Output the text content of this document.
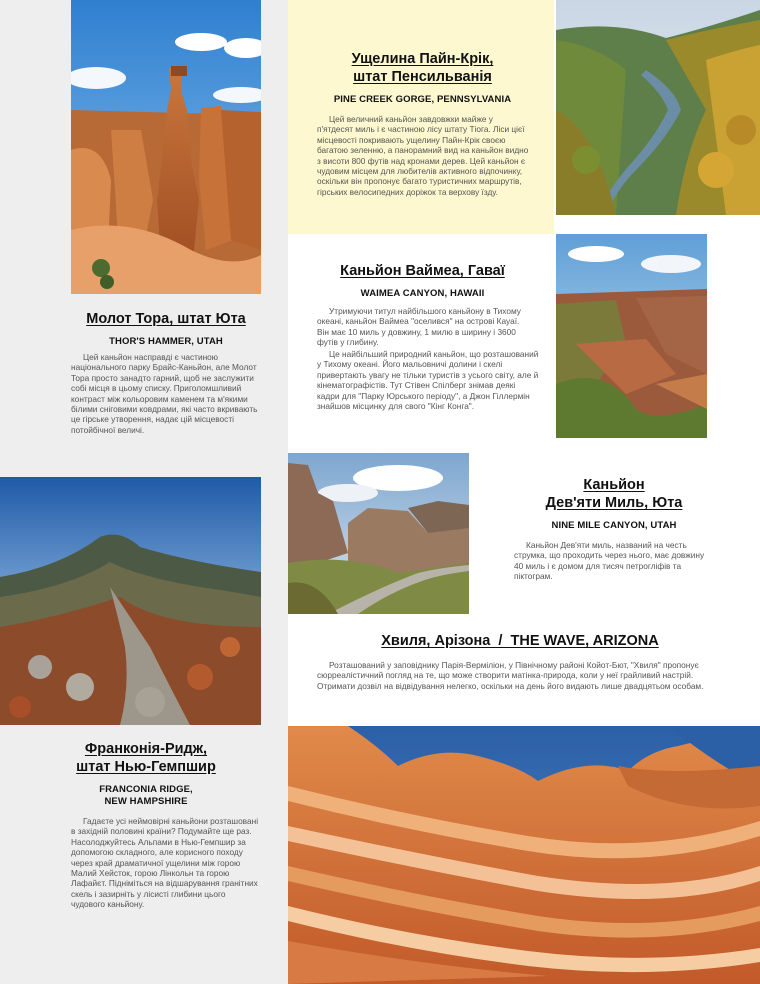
Молот Тора, штат Юта
THOR'S HAMMER, UTAH

Цей каньйон насправді є частиною національного парку Брайс-Каньйон, але Молот Тора просто занадто гарний, щоб не заслужити собі місця в цьому списку. Приголомшливий контраст між кольоровим каменем та м'якими білими сніговими ковдрами, які часто вкривають це гірське утворення, надає цій місцевості потойбічної величі.

Ущелина Пайн-Крік,
штат Пенсильванія
PINE CREEK GORGE, PENNSYLVANIA

Цей величний каньйон завдовжки майже у п'ятдесят миль і є частиною лісу штату Тіога. Ліси цієї місцевості покривають ущелину Пайн-Крік своєю багатою зеленню, а панорамний вид на каньйон видно з висоти 800 футів над кронами дерев. Цей каньйон є чудовим місцем для любителів активного відпочинку, оскільки він пропонує багато туристичних маршрутів, гірських велосипедних доріжок та верхову їзду.

Каньйон Ваймеа, Гаваї
WAIMEA CANYON, HAWAII

Утримуючи титул найбільшого каньйону в Тихому океані, каньйон Ваймеа "оселився" на острові Кауаї. Він має 10 миль у довжину, 1 милю в ширину і 3600 футів у глибину.

Це найбільший природний каньйон, що розташований у Тихому океані. Його мальовничі долини і скелі привертають увагу не тільки туристів з усього світу, але й кінематографістів. Тут Стівен Спілберг знімав деякі кадри для "Парку Юрського періоду", а Джон Гіллермін знайшов місцинку для свого "Кінг Конга".

Каньйон
Дев'яти Миль, Юта
NINE MILE CANYON, UTAH

Каньйон Дев'яти миль, названий на честь струмка, що проходить через нього, має довжину 40 миль і є домом для тисяч петрогліфів та піктограм.

Хвиля, Арізона  /  THE WAVE, ARIZONA

Розташований у заповіднику Парія-Верміліон, у Північному районі Койот-Бют, "Хвиля" пропонує сюрреалістичний погляд на те, що може створити матінка-природа, коли у неї грайливий настрій. Отримати дозвіл на відвідування нелегко, оскільки на день його видають лише двадцятьом особам.

Франконія-Ридж,
штат Нью-Гемпшир
FRANCONIA RIDGE,
NEW HAMPSHIRE

Гадаєте усі неймовірні каньйони розташовані в західній половині країни? Подумайте ще раз. Насолоджуйтесь Альпами в Нью-Гемпшир за допомогою складного, але корисного походу через край драматичної ущелини між горою Малий Хейсток, горою Лінкольн та горою Лафайєт. Підніміться на відшарування гранітних скель і зазирніть у лісисті глибини цього чудового каньйону.
